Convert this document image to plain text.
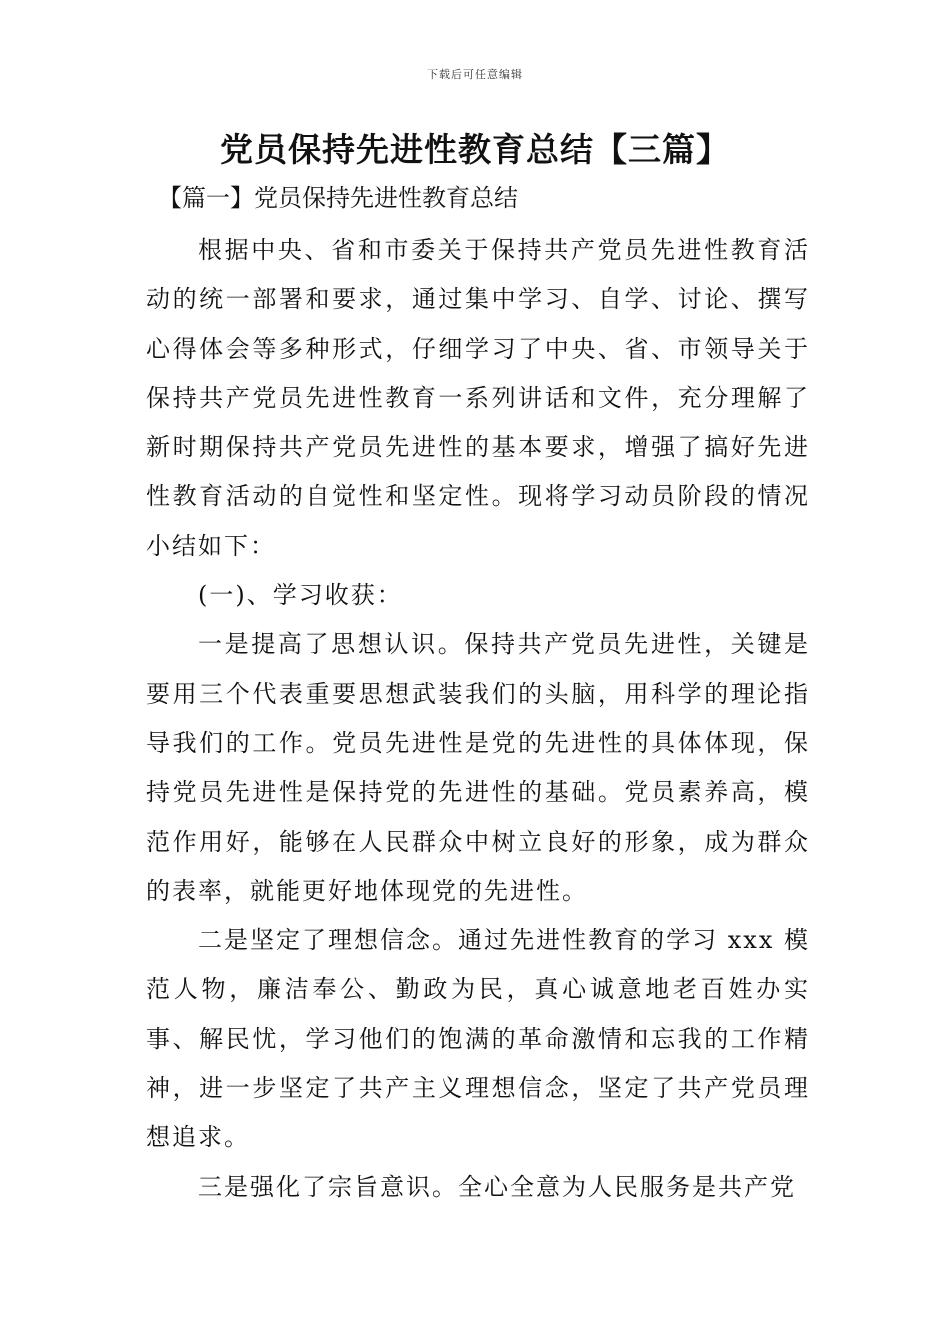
下载后可任意编辑
党员保持先进性教育总结【三篇】
【篇一】党员保持先进性教育总结

根据中央、省和市委关于保持共产党员先进性教育活动的统一部署和要求，通过集中学习、自学、讨论、撰写心得体会等多种形式，仔细学习了中央、省、市领导关于保持共产党员先进性教育一系列讲话和文件，充分理解了新时期保持共产党员先进性的基本要求，增强了搞好先进性教育活动的自觉性和坚定性。现将学习动员阶段的情况小结如下：

(一)、学习收获：

一是提高了思想认识。保持共产党员先进性，关键是要用三个代表重要思想武装我们的头脑，用科学的理论指导我们的工作。党员先进性是党的先进性的具体体现，保持党员先进性是保持党的先进性的基础。党员素养高，模范作用好，能够在人民群众中树立良好的形象，成为群众的表率，就能更好地体现党的先进性。

二是坚定了理想信念。通过先进性教育的学习 xxx 模范人物，廉洁奉公、勤政为民，真心诚意地老百姓办实事、解民忧，学习他们的饱满的革命激情和忘我的工作精神，进一步坚定了共产主义理想信念，坚定了共产党员理想追求。

三是强化了宗旨意识。全心全意为人民服务是共产党
